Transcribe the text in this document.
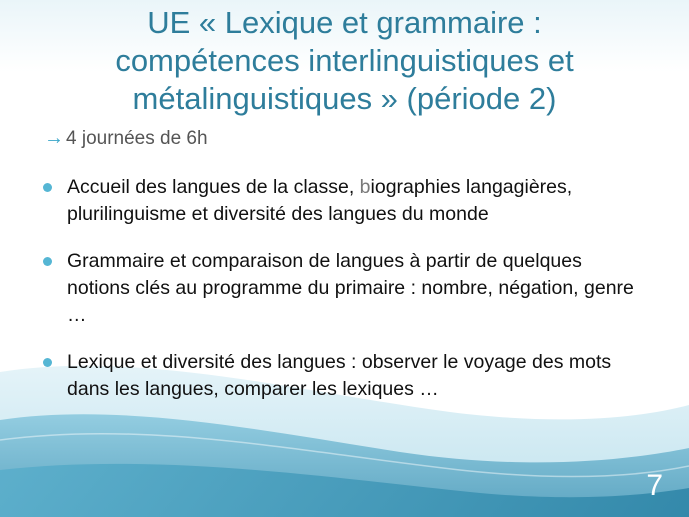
UE « Lexique et grammaire :
compétences interlinguistiques et
métalinguistiques » (période 2)
→ 4 journées de 6h
Accueil des langues de la classe, biographies langagières, plurilinguisme et diversité des langues du monde
Grammaire et comparaison de langues à partir de quelques notions clés au programme du primaire : nombre, négation, genre …
Lexique et diversité des langues : observer le voyage des mots dans les langues, comparer les lexiques …
7
